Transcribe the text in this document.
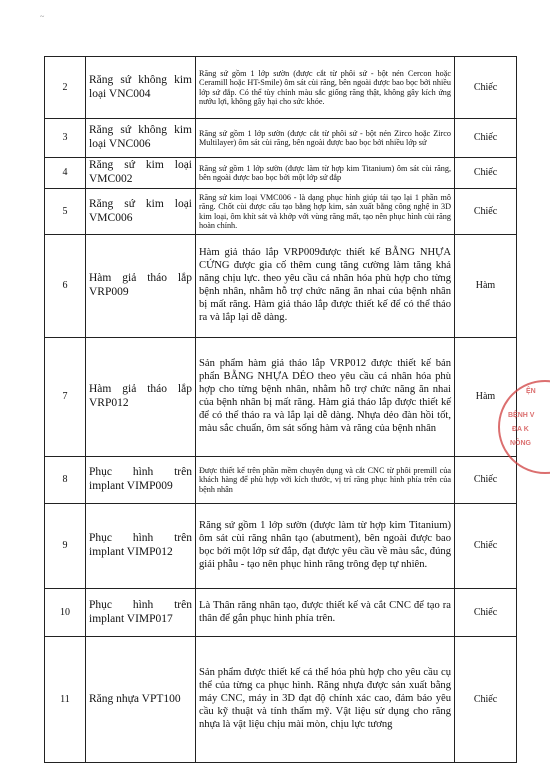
~
2	Răng sứ không kim loại VNC004	Răng sứ gồm 1 lớp sườn (được cắt từ phôi sứ - bột nén Cercon hoặc Ceramill hoặc HT-Smile) ôm sát cùi răng, bên ngoài được bao bọc bởi nhiều lớp sứ đắp. Có thể tùy chỉnh màu sắc giống răng thật, không gây kích ứng nướu lợi, không gây hại cho sức khỏe.	Chiếc
3	Răng sứ không kim loại VNC006	Răng sứ gồm 1 lớp sườn (được cắt từ phôi sứ - bột nén Zirco hoặc Zirco Multilayer) ôm sát cùi răng, bên ngoài được bao bọc bởi nhiều lớp sứ	Chiếc
4	Răng sứ kim loại VMC002	Răng sứ gồm 1 lớp sườn (được làm từ hợp kim Titanium) ôm sát cùi răng, bên ngoài được bao bọc bởi một lớp sứ đắp	Chiếc
5	Răng sứ kim loại VMC006	Răng sứ kim loại VMC006 - là dạng phục hình giúp tái tạo lại 1 phần mô răng. Chốt cùi được cấu tạo bằng hợp kim, sản xuất bằng công nghệ in 3D kim loại, ôm khít sát và khớp với vùng răng mất, tạo nên phục hình cùi răng hoàn chỉnh.	Chiếc
6	Hàm giả tháo lắp VRP009	Hàm giả tháo lắp VRP009được thiết kế BẰNG NHỰA CỨNG được gia cố thêm cung tăng cường làm tăng khả năng chịu lực. theo yêu cầu cá nhân hóa phù hợp cho từng bệnh nhân, nhằm hỗ trợ chức năng ăn nhai của bệnh nhân bị mất răng. Hàm giả tháo lắp được thiết kế để có thể tháo ra và lắp lại dễ dàng.	Hàm
7	Hàm giả tháo lắp VRP012	Sản phẩm hàm giả tháo lắp VRP012 được thiết kế bản phẩn BẰNG NHỰA DẺO theo yêu cầu cá nhân hóa phù hợp cho từng bệnh nhân, nhằm hỗ trợ chức năng ăn nhai của bệnh nhân bị mất răng. Hàm giả tháo lắp được thiết kế để có thể tháo ra và lắp lại dễ dàng. Nhựa dẻo đàn hồi tốt, màu sắc chuẩn, ôm sát sống hàm và răng của bệnh nhân	Hàm
8	Phục hình trên implant VIMP009	Được thiết kế trên phần mềm chuyên dụng và cắt CNC từ phôi premill của khách hàng để phù hợp với kích thước, vị trí răng phục hình phía trên của bệnh nhân	Chiếc
9	Phục hình trên implant VIMP012	Răng sứ gồm 1 lớp sườn (được làm từ hợp kim Titanium) ôm sát cùi răng nhân tạo (abutment), bên ngoài được bao bọc bởi một lớp sứ đắp, đạt được yêu cầu về màu sắc, đúng giải phẫu - tạo nên phục hình răng trông đẹp tự nhiên.	Chiếc
10	Phục hình trên implant VIMP017	Là Thân răng nhân tạo, được thiết kế và cắt CNC để tạo ra thân để gắn phục hình phía trên.	Chiếc
11	Răng nhựa VPT100	Sản phẩm được thiết kế cá thể hóa phù hợp cho yêu cầu cụ thể của từng ca phục hình. Răng nhựa được sản xuất bằng máy CNC, máy in 3D đạt độ chính xác cao, đảm bảo yêu cầu kỹ thuật và tính thẩm mỹ. Vật liệu sử dụng cho răng nhựa là vật liệu chịu mài mòn, chịu lực tương	Chiếc
ỆN
BỆNH V
ĐA K
NÔNG
